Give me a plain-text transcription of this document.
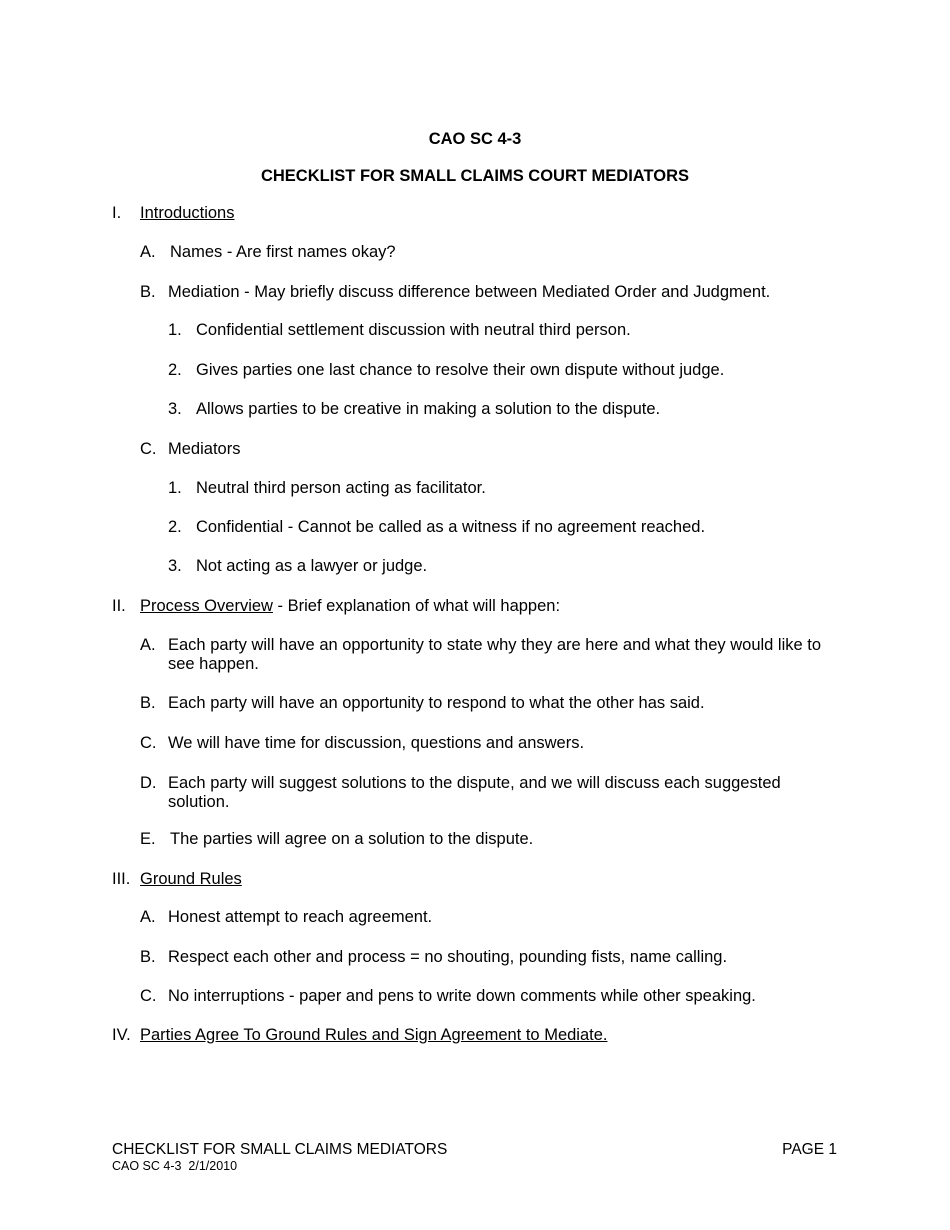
CAO SC 4-3
CHECKLIST FOR SMALL CLAIMS COURT MEDIATORS
I. Introductions
A. Names - Are first names okay?
B. Mediation - May briefly discuss difference between Mediated Order and Judgment.
1. Confidential settlement discussion with neutral third person.
2. Gives parties one last chance to resolve their own dispute without judge.
3. Allows parties to be creative in making a solution to the dispute.
C. Mediators
1. Neutral third person acting as facilitator.
2. Confidential - Cannot be called as a witness if no agreement reached.
3. Not acting as a lawyer or judge.
II. Process Overview - Brief explanation of what will happen:
A. Each party will have an opportunity to state why they are here and what they would like to see happen.
B. Each party will have an opportunity to respond to what the other has said.
C. We will have time for discussion, questions and answers.
D. Each party will suggest solutions to the dispute, and we will discuss each suggested solution.
E. The parties will agree on a solution to the dispute.
III. Ground Rules
A. Honest attempt to reach agreement.
B. Respect each other and process = no shouting, pounding fists, name calling.
C. No interruptions - paper and pens to write down comments while other speaking.
IV. Parties Agree To Ground Rules and Sign Agreement to Mediate.
CHECKLIST FOR SMALL CLAIMS MEDIATORS	PAGE 1
CAO SC 4-3  2/1/2010
